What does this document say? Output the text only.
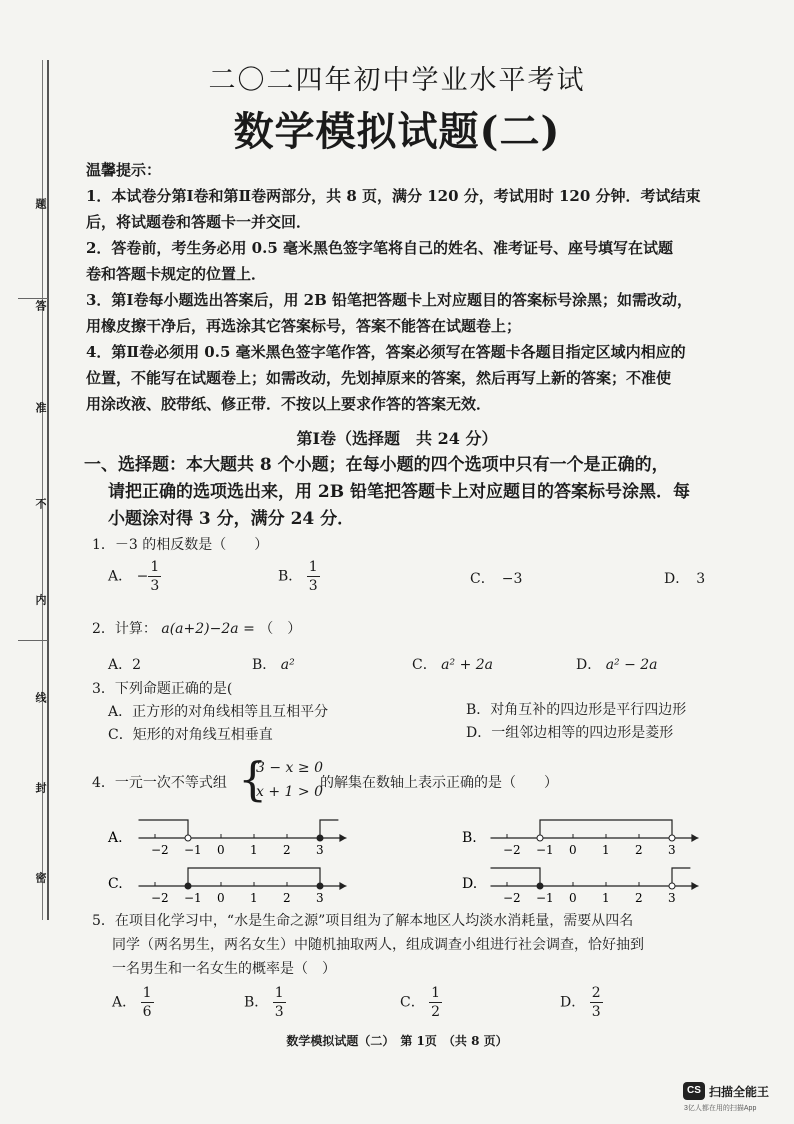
题
答
准
不
内
线
封
密
二〇二四年初中学业水平考试
数学模拟试题(二)
温馨提示：
1．本试卷分第Ⅰ卷和第Ⅱ卷两部分，共 8 页，满分 120 分，考试用时 120 分钟．考试结束
后，将试题卷和答题卡一并交回．
2．答卷前，考生务必用 0.5 毫米黑色签字笔将自己的姓名、准考证号、座号填写在试题
卷和答题卡规定的位置上．
3．第Ⅰ卷每小题选出答案后，用 2B 铅笔把答题卡上对应题目的答案标号涂黑；如需改动，
用橡皮擦干净后，再选涂其它答案标号，答案不能答在试题卷上；
4．第Ⅱ卷必须用 0.5 毫米黑色签字笔作答，答案必须写在答题卡各题目指定区域内相应的
位置，不能写在试题卷上；如需改动，先划掉原来的答案，然后再写上新的答案；不准使
用涂改液、胶带纸、修正带．不按以上要求作答的答案无效．
第Ⅰ卷（选择题　共 24 分）
一、选择题：本大题共 8 个小题；在每小题的四个选项中只有一个是正确的，
请把正确的选项选出来，用 2B 铅笔把答题卡上对应题目的答案标号涂黑．每
小题涂对得 3 分，满分 24 分．
1．－3 的相反数是（　　）
A． − $\frac{1}{3}$	B． $\frac{1}{3}$	C．　−3	D．　3
2．计算： a(a+2)−2a = （　）
A．2	B． a²	C． a² + 2a	D． a² − 2a
3．下列命题正确的是(
A．正方形的对角线相等且互相平分	B．对角互补的四边形是平行四边形
C．矩形的对角线互相垂直	D．一组邻边相等的四边形是菱形
4．一元一次不等式组 {
3 − x ≥ 0
x + 1 > 0
的解集在数轴上表示正确的是（　　）
A.
−2 −1 0 1 2 3
B.
−2 −1 0 1 2 3
C.
−2 −1 0 1 2 3
D.
−2 −1 0 1 2 3
5．在项目化学习中，“水是生命之源”项目组为了解本地区人均淡水消耗量，需要从四名
同学（两名男生，两名女生）中随机抽取两人，组成调查小组进行社会调查，恰好抽到
一名男生和一名女生的概率是（　）
A． $\frac{1}{6}$	B． $\frac{1}{3}$	C． $\frac{1}{2}$	D． $\frac{2}{3}$
数学模拟试题（二）　第 1页　（共 8 页）
CS 扫描全能王
3亿人都在用的扫描App
